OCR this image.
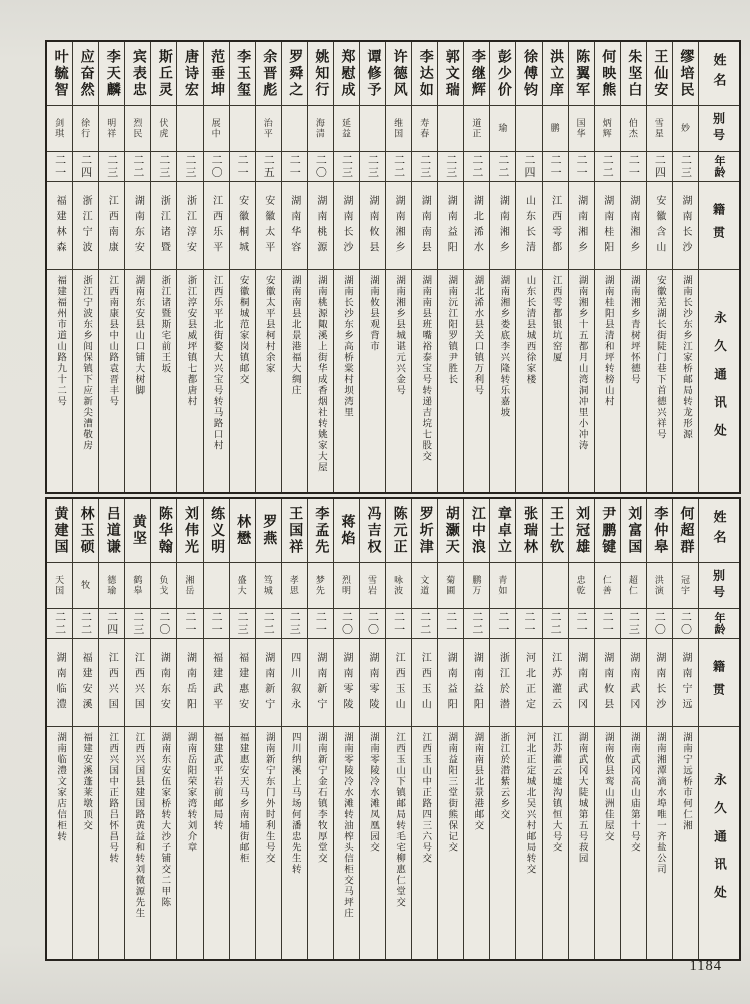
姓名
别号
年龄
籍贯
永久通讯处
缪培民
妙
二三
湖南长沙
湖南长沙东乡江家桥邮局转龙形源
王仙安
雪星
二四
安徽含山
安徽芜湖长街陡门巷下首德兴祥号
朱坚白
伯杰
二一
湖南湘乡
湖南湘乡青树坪怀德号
何映熊
炳辉
二二
湖南桂阳
湖南桂阳县清和坪转榜山村
陈翼军
国华
二一
湖南湘乡
湖南湘乡十五都月山湾洞冲里小冲涛
洪立庠
鹏
二一
江西雩都
江西雩都银坑窑厦
徐傅钧
二四
山东长清
山东长清县城西徐家楼
彭少价
瑜
二二
湖南湘乡
湖南湘乡娄底李兴隆转乐嘉坡
李继辉
道正
二二
湖北浠水
湖北浠水县关口镇万利号
郭文瑞
二三
湖南益阳
湖南沅江阳罗镇尹胜长
李达如
寿春
二三
湖南南县
湖南南县班嘴裕泰宝号转递吉垸七股交
许德风
维国
二二
湖南湘乡
湖南湘乡县城谌元兴金号
谭修予
二三
湖南攸县
湖南攸县观背市
郑慰成
延益
二三
湖南长沙
湖南长沙东乡高桥棠村坝湾里
姚知行
海清
二〇
湖南桃源
湖南桃源陬溪上街华成香烟社转姚家大屋
罗舜之
二一
湖南华容
湖南南县北景港福大绸庄
余晋彪
治平
二五
安徽太平
安徽太平县柯村余家
李玉玺
二一
安徽桐城
安徽桐城范家岗镇邮交
范垂坤
展中
二〇
江西乐平
江西乐平北街婺大兴宝号转马路口村
唐诗宏
二三
浙江淳安
浙江淳安县威坪镇七都唐村
斯丘灵
伏虎
二三
浙江诸暨
浙江诸暨斯宅前王坂
宾表忠
烈民
二二
湖南东安
湖南东安县山口铺大树脚
李天麟
明祥
二三
江西南康
江西南康县中山路袁晋丰号
应奋然
徐行
二四
浙江宁波
浙江宁波东乡闾保镇下应新尖漕敬房
叶毓智
剑琪
二一
福建林森
福建福州市道山路九十二号
姓名
别号
年龄
籍贯
永久通讯处
何超群
冠宇
二〇
湖南宁远
湖南宁远桥市何仁湘
李仲皋
洪演
二〇
湖南长沙
湖南湘潭滴水埠唯一齐盐公司
刘富国
超仁
二三
湖南武冈
湖南武冈高山庙第十号交
尹鹏键
仁善
二一
湖南攸县
湖南攸县鸾山洲佳屋交
刘冠雄
忠乾
二一
湖南武冈
湖南武冈大陡城第五号菽园
王士钦
二二
江苏灌云
江苏灌云墟沟镇恒大号交
张瑞林
二一
河北正定
河北正定城北吴兴村邮局转交
章卓立
青如
二一
浙江於潜
浙江於潜紫云乡交
江中浪
鹏万
二二
湖南益阳
湖南南县北景港邮交
胡灏天
菊圃
二一
湖南益阳
湖南益阳三堂街熊保记交
罗圻津
文道
二二
江西玉山
江西玉山中正路四三六号交
陈元正
咏波
二一
江西玉山
江西玉山下镇邮局转毛宅柳惠仁堂交
冯吉权
雪岩
二〇
湖南零陵
湖南零陵冷水滩凤凰园交
蒋焰
烈明
二〇
湖南零陵
湖南零陵冷水滩转油榨头信柜交马坪庄
李孟先
梦先
二一
湖南新宁
湖南新宁金石镇李牧厚堂交
王国祥
孝思
二三
四川叙永
四川纳溪上马场何潘忠先生转
罗燕
笃城
二二
湖南新宁
湖南新宁东门外时利生号交
林懋
盛大
二三
福建惠安
福建惠安天马乡南埔街邮柜
练义明
二一
福建武平
福建武平岩前邮局转
刘伟光
湘岳
二一
湖南岳阳
湖南岳阳荣家湾转刘介章
陈华翰
负戈
二〇
湖南东安
湖南东安伍家桥转大沙子铺交二甲陈
黄坚
鹤皋
二三
江西兴国
江西兴国县建国路黄益和转刘微源先生
吕道谦
德瑜
二四
江西兴国
江西兴国中正路吕怀昌号转
林玉硕
牧
二二
福建安溪
福建安溪蓬莱墩顶交
黄建国
天国
二二
湖南临澧
湖南临澧文家店信柜转
1184
